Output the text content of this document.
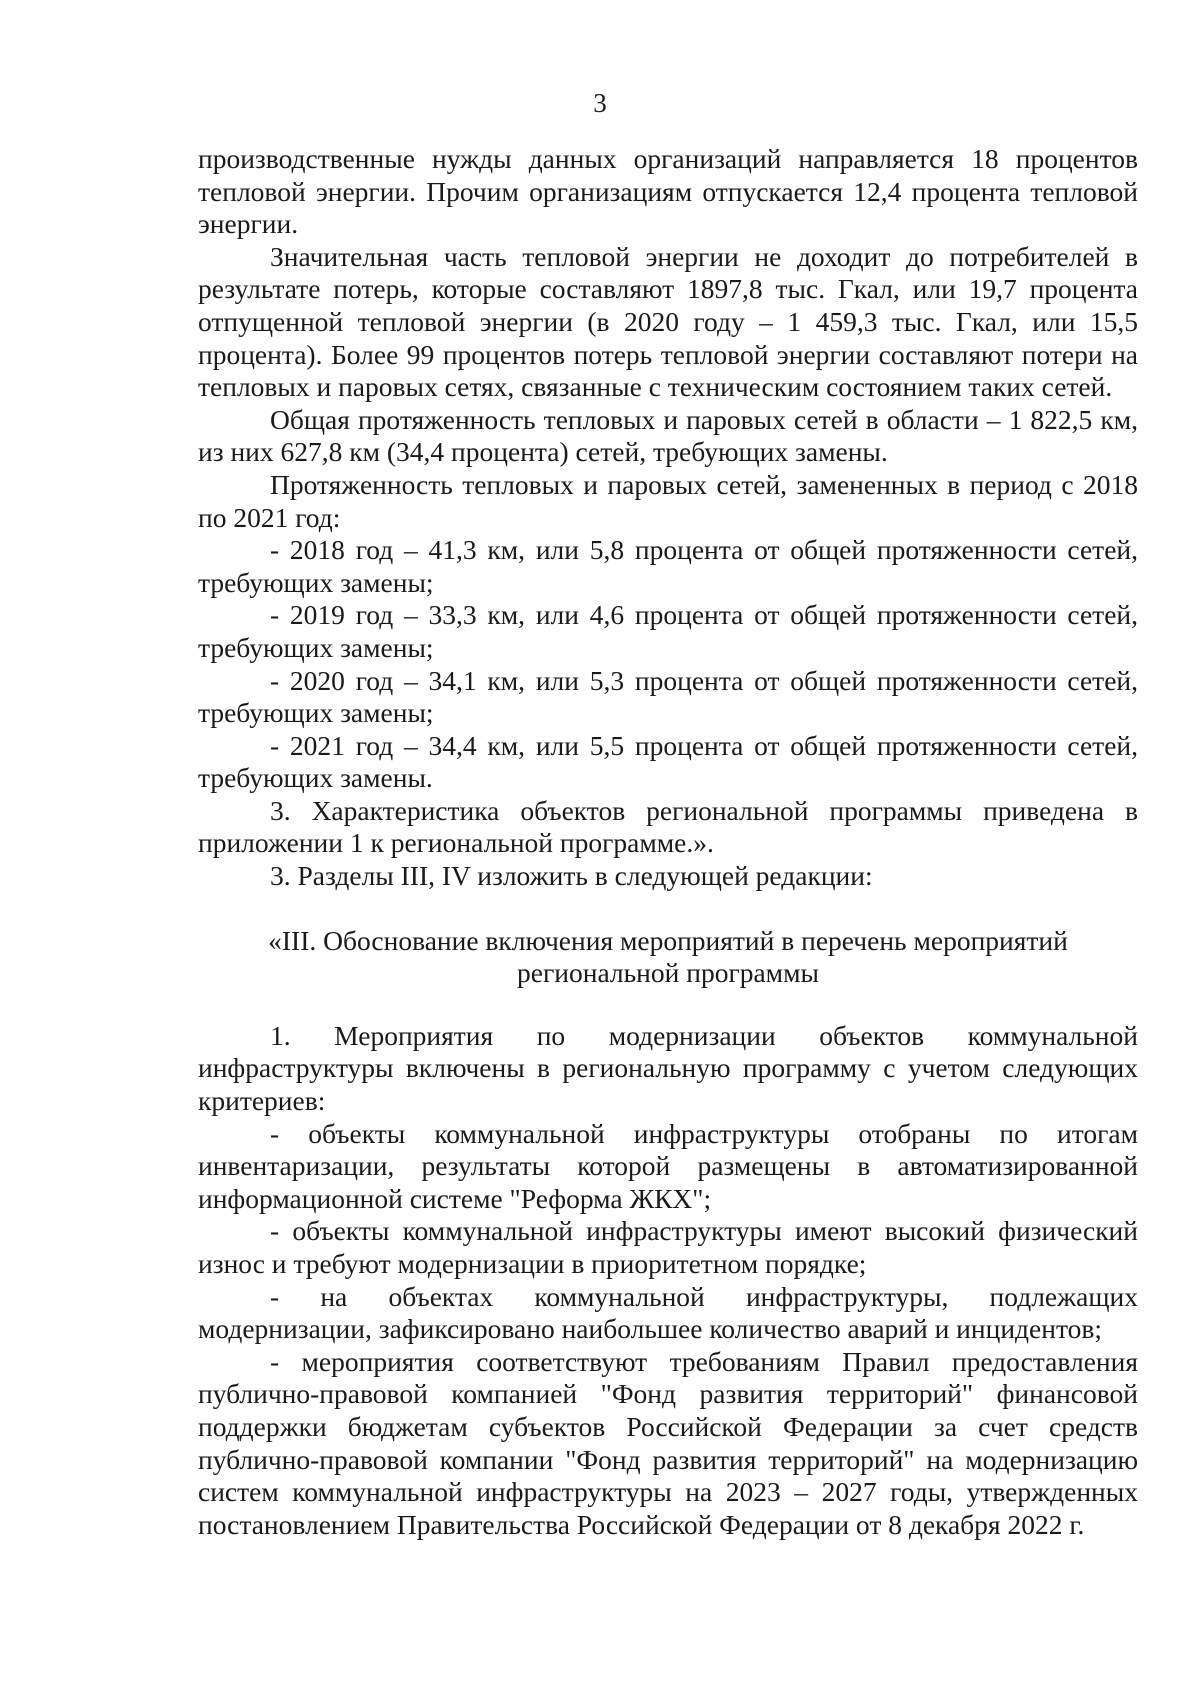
3

производственные нужды данных организаций направляется 18 процентов тепловой энергии. Прочим организациям отпускается 12,4 процента тепловой энергии.

Значительная часть тепловой энергии не доходит до потребителей в результате потерь, которые составляют 1897,8 тыс. Гкал, или 19,7 процента отпущенной тепловой энергии (в 2020 году – 1 459,3 тыс. Гкал, или 15,5 процента). Более 99 процентов потерь тепловой энергии составляют потери на тепловых и паровых сетях, связанные с техническим состоянием таких сетей.

Общая протяженность тепловых и паровых сетей в области – 1 822,5 км, из них 627,8 км (34,4 процента) сетей, требующих замены.

Протяженность тепловых и паровых сетей, замененных в период с 2018 по 2021 год:

- 2018 год – 41,3 км, или 5,8 процента от общей протяженности сетей, требующих замены;

- 2019 год – 33,3 км, или 4,6 процента от общей протяженности сетей, требующих замены;

- 2020 год – 34,1 км, или 5,3 процента от общей протяженности сетей, требующих замены;

- 2021 год – 34,4 км, или 5,5 процента от общей протяженности сетей, требующих замены.

3. Характеристика объектов региональной программы приведена в приложении 1 к региональной программе.».

3. Разделы III, IV изложить в следующей редакции:

«III. Обоснование включения мероприятий в перечень мероприятий
региональной программы

1. Мероприятия по модернизации объектов коммунальной инфраструктуры включены в региональную программу с учетом следующих критериев:

- объекты коммунальной инфраструктуры отобраны по итогам инвентаризации, результаты которой размещены в автоматизированной информационной системе "Реформа ЖКХ";

- объекты коммунальной инфраструктуры имеют высокий физический износ и требуют модернизации в приоритетном порядке;

- на объектах коммунальной инфраструктуры, подлежащих модернизации, зафиксировано наибольшее количество аварий и инцидентов;

- мероприятия соответствуют требованиям Правил предоставления публично-правовой компанией "Фонд развития территорий" финансовой поддержки бюджетам субъектов Российской Федерации за счет средств публично-правовой компании "Фонд развития территорий" на модернизацию систем коммунальной инфраструктуры на 2023 – 2027 годы, утвержденных постановлением Правительства Российской Федерации от 8 декабря 2022 г.
